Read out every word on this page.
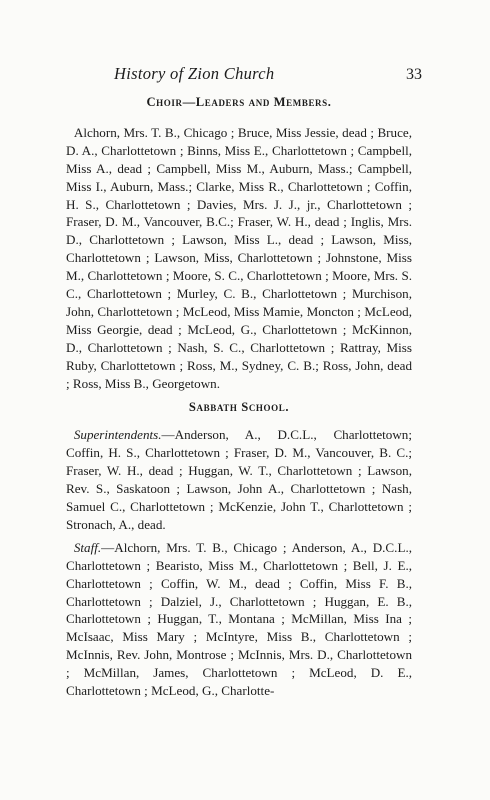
History of Zion Church	33
Choir—Leaders and Members.

Alchorn, Mrs. T. B., Chicago ; Bruce, Miss Jessie, dead ; Bruce, D. A., Charlottetown ; Binns, Miss E., Charlottetown ; Campbell, Miss A., dead ; Campbell, Miss M., Auburn, Mass.; Campbell, Miss I., Auburn, Mass.; Clarke, Miss R., Charlottetown ; Coffin, H. S., Charlottetown ; Davies, Mrs. J. J., jr., Charlottetown ; Fraser, D. M., Vancouver, B.C.; Fraser, W. H., dead ; Inglis, Mrs. D., Charlottetown ; Lawson, Miss L., dead ; Lawson, Miss, Charlottetown ; Lawson, Miss, Charlottetown ; Johnstone, Miss M., Charlottetown ; Moore, S. C., Charlottetown ; Moore, Mrs. S. C., Charlottetown ; Murley, C. B., Charlottetown ; Murchison, John, Charlottetown ; McLeod, Miss Mamie, Moncton ; McLeod, Miss Georgie, dead ; McLeod, G., Charlottetown ; McKinnon, D., Charlottetown ; Nash, S. C., Charlottetown ; Rattray, Miss Ruby, Charlottetown ; Ross, M., Sydney, C. B.; Ross, John, dead ; Ross, Miss B., Georgetown.

Sabbath School.

Superintendents.—Anderson, A., D.C.L., Charlottetown; Coffin, H. S., Charlottetown ; Fraser, D. M., Vancouver, B. C.; Fraser, W. H., dead ; Huggan, W. T., Charlottetown ; Lawson, Rev. S., Saskatoon ; Lawson, John A., Charlottetown ; Nash, Samuel C., Charlottetown ; McKenzie, John T., Charlottetown ; Stronach, A., dead.

Staff.—Alchorn, Mrs. T. B., Chicago ; Anderson, A., D.C.L., Charlottetown ; Bearisto, Miss M., Charlottetown ; Bell, J. E., Charlottetown ; Coffin, W. M., dead ; Coffin, Miss F. B., Charlottetown ; Dalziel, J., Charlottetown ; Huggan, E. B., Charlottetown ; Huggan, T., Montana ; McMillan, Miss Ina ; McIsaac, Miss Mary ; McIntyre, Miss B., Charlottetown ; McInnis, Rev. John, Montrose ; McInnis, Mrs. D., Charlottetown ; McMillan, James, Charlottetown ; McLeod, D. E., Charlottetown ; McLeod, G., Charlotte-
